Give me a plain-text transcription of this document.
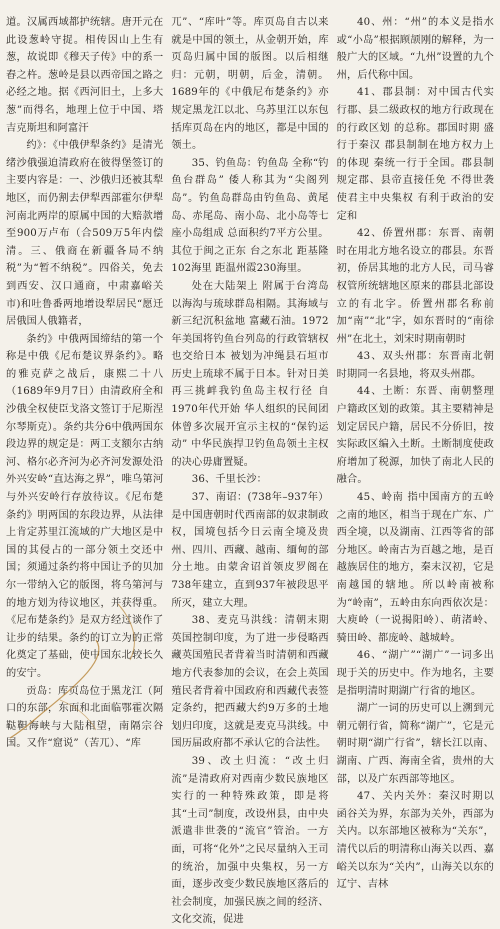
道。汉属西域都护统辖。唐开元在此设葱岭守捉。相传因山上生有葱，故说即《穆天子传》中的系一舂之杵。葱岭是县以西帝国之路之必经之地。据《西河旧土，上多大葱”而得名，地理上位于中国、塔吉克斯坦和阿富汗

约》：《中俄伊犁条约》是清光绪沙俄强迫清政府在彼得堡签订的主要内容是：一、沙俄归还被其犁地区，而仍割去伊犁西部霍尔伊犁河南北两岸的原属中国的大赔款增至900万卢布（合509万5年内偿清。三、俄商在新疆各局不纳税”为“暂不纳税”。四俗关，免去到西安、汉口通商，中肃嘉峪关市)和吐鲁番两地增设犁居民“愿迁居俄国人俄籍者，

条约》中俄两国缔结的第一个称是中俄《尼布楚议界条约》。略的雅克萨之战后，康熙二十八（1689年9月7日）由清政府全和沙俄全权使臣戈洛文签订于尼斯涅尔琴斯克）。条约共分6中俄两国东段边界的规定是：两工支额尔古纳河、格尔必齐河为必齐河发源处沿外兴安岭“直达海之界”，唯乌第河与外兴安岭行存放待议。《尼布楚条约》明两国的东段边界，从法律上肯定苏里江流域的广大地区是中国的其侵占的一部分领土交还中国；须通过条约将中国让予的贝加尔一带纳入它的版图，将乌第河与的地方划为待议地区，并获得重。《尼布楚条约》是双方经过谈作了让步的结果。条约的订立为的正常化奠定了基础，使中国东北较长久的安宁。

贡岛：库页岛位于黑龙江（阿口的东部，东面和北面临鄂霍次隔鞑靼海峡与大陆相望，南隔宗谷国。又作“窟说”（苦兀）、“库

兀”、“库叶”等。库页岛自古以来就是中国的领土，从金朝开始，库页岛归属中国的版图。以后相继归：元朝，明朝，后金，清朝。1689年的《中俄尼布楚条约》亦规定黑龙江以北、乌苏里江以东包括库页岛在内的地区，都是中国的领土。

35、钓鱼岛：钓鱼岛 全称“钓鱼台群岛” 倭人称其为“尖阁列岛”。钓鱼岛群岛由钓鱼岛、黄尾岛、赤尾岛、南小岛、北小岛等七座小岛组成 总面积约7平方公里。其位于闽之正东 台之东北 距基隆102海里 距温州霞230海里。

处在大陆架上 附属于台湾岛 以海沟与琉球群岛相隔。其海域与新三纪沉积盆地 富藏石油。1972年美国将钓鱼台列岛的行政管辖权也交给日本 被划为冲绳县石垣市 历史上琉球不属于日本。针对日美再三挑衅我钓鱼岛主权行径 自1970年代开始 华人组织的民间团体曾多次展开宣示主权的“保钓运动” 中华民族捍卫钓鱼岛领土主权的决心毋庸置疑。

36、千里长沙：

37、南诏：(738年–937年）是中国唐朝时代西南部的奴隶制政权，国境包括今日云南全境及贵州、四川、西藏、越南、缅甸的部分土地。由蒙舍诏首领皮罗阁在738年建立，直到937年被段思平所灭，建立大理。

38、麦克马洪线：清朝末期英国控制印度，为了进一步侵略西藏英国殖民者背着当时清朝和西藏地方代表参加的会议，在会上英国殖民者背着中国政府和西藏代表签定条约，把西藏大约9万多的土地划归印度，这就是麦克马洪线。中国历届政府都不承认它的合法性。

39、改土归流：“改土归流”是清政府对西南少数民族地区实行的一种特殊政策，即是将其“土司”制度，改设州县，由中央派遣非世袭的“流官”管治。一方面，可将“化外”之民尽量纳入王司的统治，加强中央集权，另一方面，逐步改变少数民族地区落后的社会制度，加强民族之间的经济、文化交流，促进

40、州：“州”的本义是指水或“小岛”根据顾颉刚的解释，为一般广大的区域。“九州”设置的九个州，后代称中国。

41、郡县制：对中国古代实行郡、县二级政权的地方行政现在的行政区划 的总称。郡国时期 盛行于秦汉 郡县制制在地方权力上的体现 秦统一行于全国。郡县制规定郡、县帝直接任免 不得世袭 使君主中央集权 有利于政治的安定和

42、侨置州郡：东晋、南朝时在用北方地名设立的郡县。东晋初，侨居其地的北方人民，司马睿权管所统辖地区原来的郡县北部设立的有北字。侨置州郡名称前加“南”“北”字，如东晋时的“南徐州”在北土，刘宋时期南朝时

43、双头州郡：东晋南北朝时期同一名县地，将双头州郡。

44、土断：东晋、南朝整理户籍政区划的政策。其主要精神是划定居民户籍，居民不分侨旧，按实际政区编入土断。土断制度使政府增加了税源，加快了南北人民的融合。

45、岭南 指中国南方的五岭之南的地区，相当于现在广东、广西全境，以及湖南、江西等省的部分地区。岭南古为百越之地，是百越族居住的地方，秦末汉初，它是南越国的辖地。所以岭南被称为“岭南”，五岭由东向西依次是：大庾岭（一说揭阳岭）、萌渚岭、骑田岭、都庞岭、越城岭。

46、“湖广”“湖广”一词多出现于关的历史中。作为地名，主要是指明清时期湖广行省的地区。

湖广一词的历史可以上溯到元朝元朝行省，简称“湖广”，它是元朝时期“湖广行省”，辖长江以南、湖南、广西、海南全省，贵州的大部，以及广东西部等地区。

47、关内关外：秦汉时期以函谷关为界，东部为关外，西部为关内。以东部地区被称为“关东”，清代以后的明清称山海关以西、嘉峪关以东为“关内”，山海关以东的辽宁、吉林
